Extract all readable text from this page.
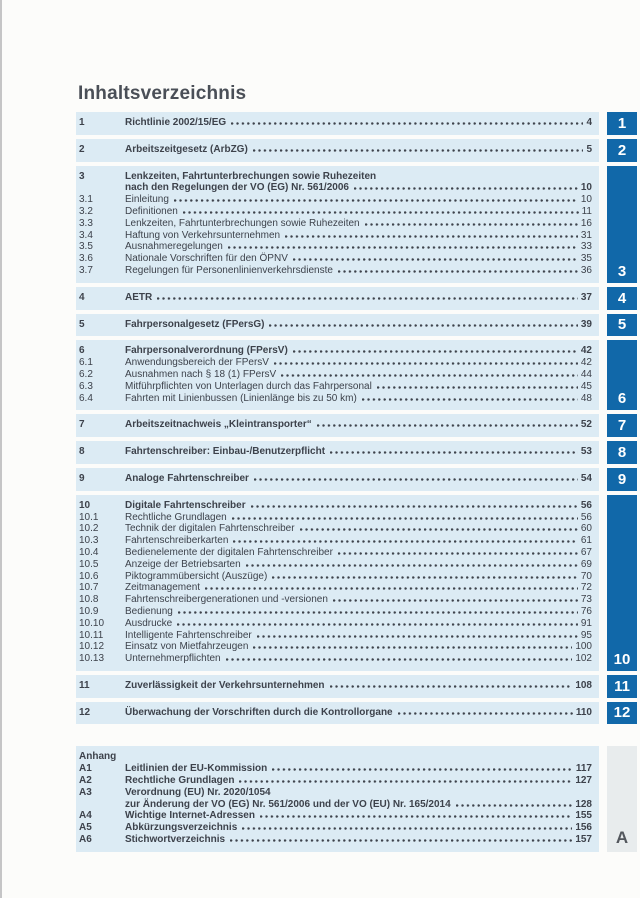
Inhaltsverzeichnis
1	Richtlinie 2002/15/EG	4 1
2	Arbeitszeitgesetz (ArbZG)	5 2
3	Lenkzeiten, Fahrtunterbrechungen sowie Ruhezeiten
nach den Regelungen der VO (EG) Nr. 561/2006	10
3.1	Einleitung	10
3.2	Definitionen	11
3.3	Lenkzeiten, Fahrtunterbrechungen sowie Ruhezeiten	16
3.4	Haftung von Verkehrsunternehmen	31
3.5	Ausnahmeregelungen	33
3.6	Nationale Vorschriften für den ÖPNV	35
3.7	Regelungen für Personenlinienverkehrsdienste	36 3
4	AETR	37 4
5	Fahrpersonalgesetz (FPersG)	39 5
6	Fahrpersonalverordnung (FPersV)	42
6.1	Anwendungsbereich der FPersV	42
6.2	Ausnahmen nach § 18 (1) FPersV	44
6.3	Mitführpflichten von Unterlagen durch das Fahrpersonal	45
6.4	Fahrten mit Linienbussen (Linienlänge bis zu 50 km)	48 6
7	Arbeitszeitnachweis „Kleintransporter“	52 7
8	Fahrtenschreiber: Einbau-/Benutzerpflicht	53 8
9	Analoge Fahrtenschreiber	54 9
10	Digitale Fahrtenschreiber	56
10.1	Rechtliche Grundlagen	56
10.2	Technik der digitalen Fahrtenschreiber	60
10.3	Fahrtenschreiberkarten	61
10.4	Bedienelemente der digitalen Fahrtenschreiber	67
10.5	Anzeige der Betriebsarten	69
10.6	Piktogrammübersicht (Auszüge)	70
10.7	Zeitmanagement	72
10.8	Fahrtenschreibergenerationen und -versionen	73
10.9	Bedienung	76
10.10	Ausdrucke	91
10.11	Intelligente Fahrtenschreiber	95
10.12	Einsatz von Mietfahrzeugen	100
10.13	Unternehmerpflichten	102 10
11	Zuverlässigkeit der Verkehrsunternehmen	108 11
12	Überwachung der Vorschriften durch die Kontrollorgane	110 12
Anhang
A1	Leitlinien der EU-Kommission	117
A2	Rechtliche Grundlagen	127
A3	Verordnung (EU) Nr. 2020/1054
zur Änderung der VO (EG) Nr. 561/2006 und der VO (EU) Nr. 165/2014	128
A4	Wichtige Internet-Adressen	155
A5	Abkürzungsverzeichnis	156
A6	Stichwortverzeichnis	157 A
